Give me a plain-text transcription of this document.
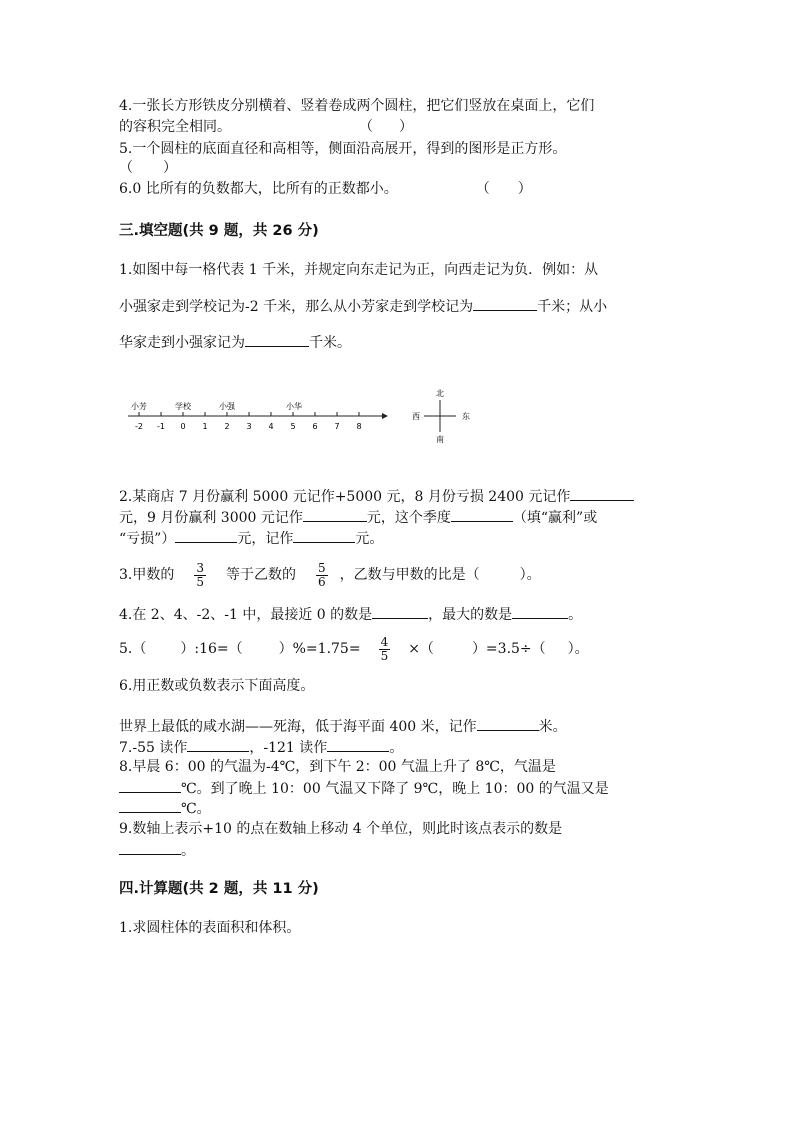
4.一张长方形铁皮分别横着、竖着卷成两个圆柱，把它们竖放在桌面上，它们
的容积完全相同。	（ ）
5.一个圆柱的底面直径和高相等，侧面沿高展开，得到的图形是正方形。
（ ）
6.0 比所有的负数都大，比所有的正数都小。	（ ）
三.填空题(共 9 题，共 26 分)
1.如图中每一格代表 1 千米，并规定向东走记为正，向西走记为负．例如：从
小强家走到学校记为-2 千米，那么从小芳家走到学校记为	千米；从小
华家走到小强家记为	千米。
-2 -1 0 1 2 3 4 5 6 7 8
小芳	学校	小强	小华
北
南
西	东
2.某商店 7 月份赢利 5000 元记作+5000 元，8 月份亏损 2400 元记作
元，9 月份赢利 3000 元记作	元，这个季度	（填“赢利”或
“亏损”）	元，记作	元。
3.甲数的 $\frac{3}{5}$ 等于乙数的 $\frac{5}{6}$ ，乙数与甲数的比是（	）。
4.在 2、4、-2、-1 中，最接近 0 的数是	，最大的数是	。
5.（ ）:16=（	）$\%=1.75= \frac{4}{5}$ ×（	）=3.5÷（ ）。
6.用正数或负数表示下面高度。
世界上最低的咸水湖——死海，低于海平面 400 米，记作	米。
7.-55 读作	，-121 读作	。
8.早晨 6：00 的气温为-4℃，到下午 2：00 气温上升了 8℃，气温是
℃。到了晚上 10：00 气温又下降了 9℃，晚上 10：00 的气温又是
℃。
9.数轴上表示+10 的点在数轴上移动 4 个单位，则此时该点表示的数是
。
四.计算题(共 2 题，共 11 分)
1.求圆柱体的表面积和体积。
